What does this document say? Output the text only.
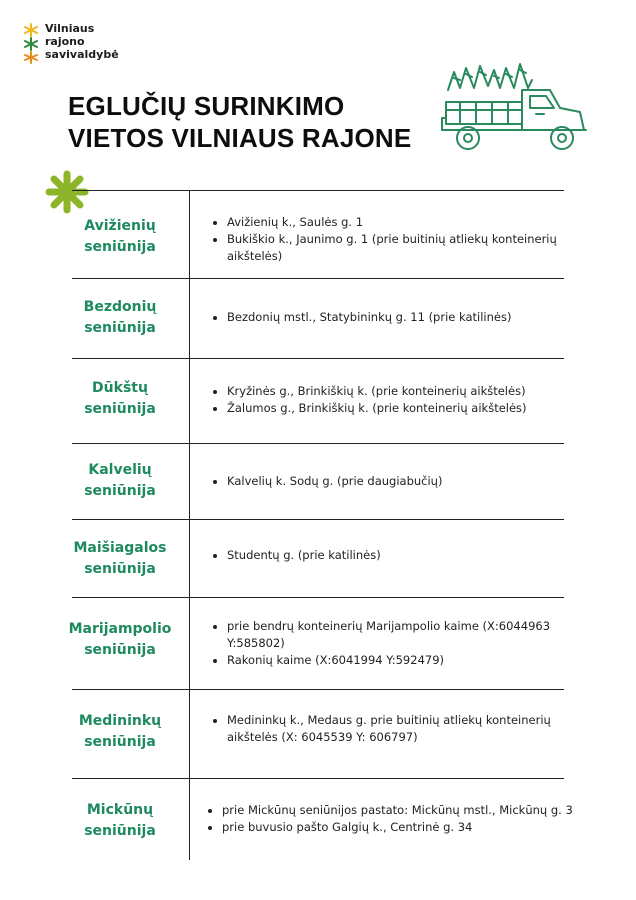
Vilniaus
rajono
savivaldybė
EGLUČIŲ SURINKIMO
VIETOS VILNIAUS RAJONE
Avižienių
seniūnija
Avižienių k., Saulės g. 1
Bukiškio k., Jaunimo g. 1 (prie buitinių atliekų konteinerių aikštelės)
Bezdonių
seniūnija
Bezdonių mstl., Statybininkų g. 11 (prie katilinės)
Dūkštų
seniūnija
Kryžinės g., Brinkiškių k. (prie konteinerių aikštelės)
Žalumos g., Brinkiškių k. (prie konteinerių aikštelės)
Kalvelių
seniūnija
Kalvelių k. Sodų g. (prie daugiabučių)
Maišiagalos
seniūnija
Studentų g. (prie katilinės)
Marijampolio
seniūnija
prie bendrų konteinerių Marijampolio kaime (X:6044963 Y:585802)
Rakonių kaime (X:6041994 Y:592479)
Medininkų
seniūnija
Medininkų k., Medaus g. prie buitinių atliekų konteinerių aikštelės (X: 6045539 Y: 606797)
Mickūnų
seniūnija
prie Mickūnų seniūnijos pastato: Mickūnų mstl., Mickūnų g. 3
prie buvusio pašto Galgių k., Centrinė g. 34
